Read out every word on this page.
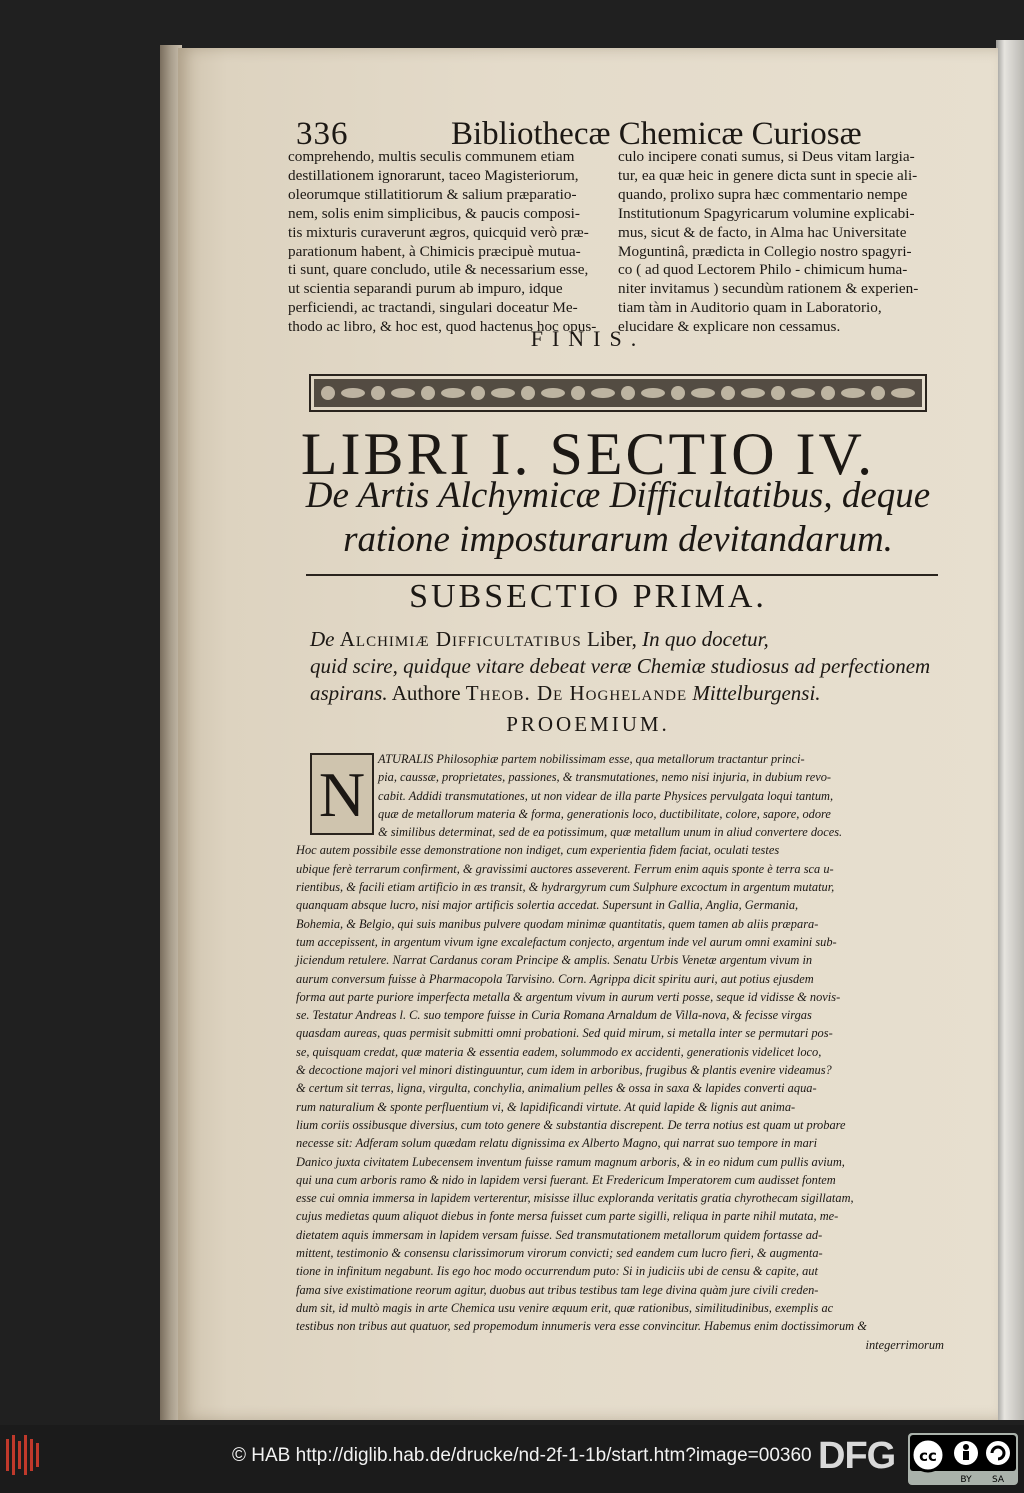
336	Bibliothecæ Chemicæ Curiosæ
comprehendo, multis seculis communem etiam
destillationem ignorarunt, taceo Magisteriorum,
oleorumque stillatitiorum & salium præparatio-
nem, solis enim simplicibus, & paucis composi-
tis mixturis curaverunt ægros, quicquid verò præ-
parationum habent, à Chimicis præcipuè mutua-
ti sunt, quare concludo, utile & necessarium esse,
ut scientia separandi purum ab impuro, idque
perficiendi, ac tractandi, singulari doceatur Me-
thodo ac libro, & hoc est, quod hactenus hoc opus-
culo incipere conati sumus, si Deus vitam largia-
tur, ea quæ heic in genere dicta sunt in specie ali-
quando, prolixo supra hæc commentario nempe
Institutionum Spagyricarum volumine explicabi-
mus, sicut & de facto, in Alma hac Universitate
Moguntinâ, prædicta in Collegio nostro spagyri-
co ( ad quod Lectorem Philo - chimicum huma-
niter invitamus ) secundùm rationem & experien-
tiam tàm in Auditorio quam in Laboratorio,
elucidare & explicare non cessamus.
FINIS.
LIBRI I. SECTIO IV.
De Artis Alchymicæ Difficultatibus, deque
ratione imposturarum devitandarum.
SUBSECTIO PRIMA.
De Alchimiæ Difficultatibus Liber, In quo docetur,
quid scire, quidque vitare debeat veræ Chemiæ studiosus ad perfectionem
aspirans. Authore Theob. De Hoghelande Mittelburgensi.
PROOEMIUM.
N	ATURALIS Philosophiæ partem nobilissimam esse, qua metallorum tractantur princi-
pia, caussæ, proprietates, passiones, & transmutationes, nemo nisi injuria, in dubium revo-
cabit. Addidi transmutationes, ut non videar de illa parte Physices pervulgata loqui tantum,
quæ de metallorum materia & forma, generationis loco, ductibilitate, colore, sapore, odore
& similibus determinat, sed de ea potissimum, quæ metallum unum in aliud convertere doces.
Hoc autem possibile esse demonstratione non indiget, cum experientia fidem faciat, oculati testes
ubique ferè terrarum confirment, & gravissimi auctores asseverent. Ferrum enim aquis sponte è terra sca u-
rientibus, & facili etiam artificio in æs transit, & hydrargyrum cum Sulphure excoctum in argentum mutatur,
quanquam absque lucro, nisi major artificis solertia accedat. Supersunt in Gallia, Anglia, Germania,
Bohemia, & Belgio, qui suis manibus pulvere quodam minimæ quantitatis, quem tamen ab aliis præpara-
tum accepissent, in argentum vivum igne excalefactum conjecto, argentum inde vel aurum omni examini sub-
jiciendum retulere. Narrat Cardanus coram Principe & amplis. Senatu Urbis Venetæ argentum vivum in
aurum conversum fuisse à Pharmacopola Tarvisino. Corn. Agrippa dicit spiritu auri, aut potius ejusdem
forma aut parte puriore imperfecta metalla & argentum vivum in aurum verti posse, seque id vidisse & novis-
se. Testatur Andreas l. C. suo tempore fuisse in Curia Romana Arnaldum de Villa-nova, & fecisse virgas
quasdam aureas, quas permisit submitti omni probationi. Sed quid mirum, si metalla inter se permutari pos-
se, quisquam credat, quæ materia & essentia eadem, solummodo ex accidenti, generationis videlicet loco,
& decoctione majori vel minori distinguuntur, cum idem in arboribus, frugibus & plantis evenire videamus?
& certum sit terras, ligna, virgulta, conchylia, animalium pelles & ossa in saxa & lapides converti aqua-
rum naturalium & sponte perfluentium vi, & lapidificandi virtute. At quid lapide & lignis aut anima-
lium coriis ossibusque diversius, cum toto genere & substantia discrepent. De terra notius est quam ut probare
necesse sit: Adferam solum quædam relatu dignissima ex Alberto Magno, qui narrat suo tempore in mari
Danico juxta civitatem Lubecensem inventum fuisse ramum magnum arboris, & in eo nidum cum pullis avium,
qui una cum arboris ramo & nido in lapidem versi fuerant. Et Fredericum Imperatorem cum audisset fontem
esse cui omnia immersa in lapidem verterentur, misisse illuc exploranda veritatis gratia chyrothecam sigillatam,
cujus medietas quum aliquot diebus in fonte mersa fuisset cum parte sigilli, reliqua in parte nihil mutata, me-
dietatem aquis immersam in lapidem versam fuisse. Sed transmutationem metallorum quidem fortasse ad-
mittent, testimonio & consensu clarissimorum virorum convicti; sed eandem cum lucro fieri, & augmenta-
tione in infinitum negabunt. Iis ego hoc modo occurrendum puto: Si in judiciis ubi de censu & capite, aut
fama sive existimatione reorum agitur, duobus aut tribus testibus tam lege divina quàm jure civili creden-
dum sit, id multò magis in arte Chemica usu venire æquum erit, quæ rationibus, similitudinibus, exemplis ac
testibus non tribus aut quatuor, sed propemodum innumeris vera esse convincitur. Habemus enim doctissimorum &
integerrimorum
© HAB http://diglib.hab.de/drucke/nd-2f-1-1b/start.htm?image=00360 DFG cc
BY SA
